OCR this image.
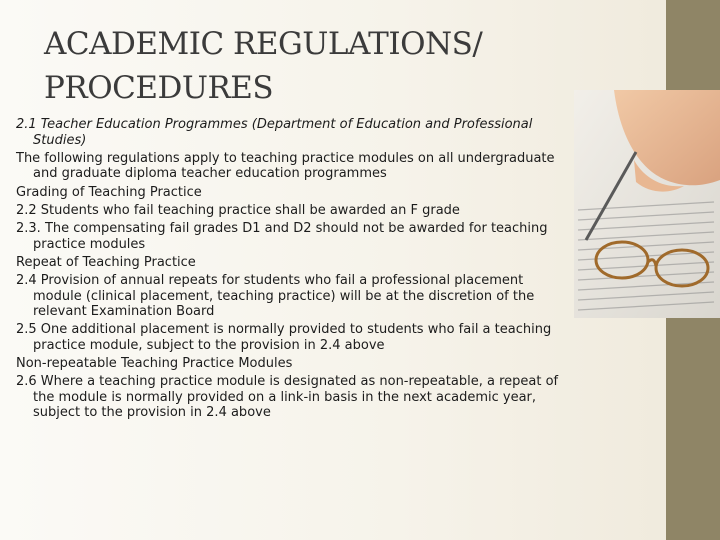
ACADEMIC REGULATIONS/
PROCEDURES

2.1 Teacher Education Programmes (Department of Education and Professional Studies)

The following regulations apply to teaching practice modules on all undergraduate and graduate diploma teacher education programmes

Grading of Teaching Practice

2.2 Students who fail teaching practice shall be awarded an F grade

2.3. The compensating fail grades D1 and D2 should not be awarded for teaching practice modules

Repeat of Teaching Practice

2.4 Provision of annual repeats for students who fail a professional placement module (clinical placement, teaching practice) will be at the discretion of the relevant Examination Board

2.5 One additional placement is normally provided to students who fail a teaching practice module, subject to the provision in 2.4 above

Non-repeatable Teaching Practice Modules

2.6 Where a teaching practice module is designated as non-repeatable, a repeat of the module is normally provided on a link-in basis in the next academic year, subject to the provision in 2.4 above
